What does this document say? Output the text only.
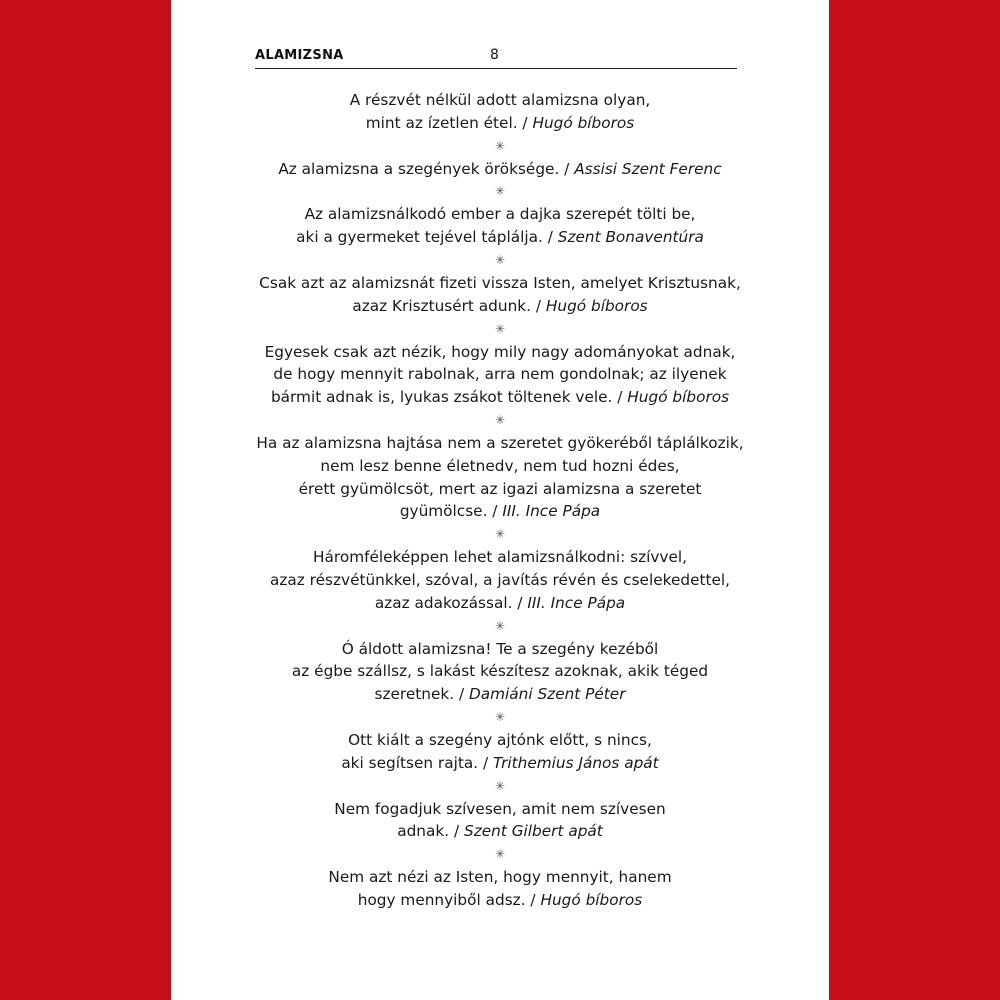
ALAMIZSNA	8

A részvét nélkül adott alamizsna olyan,
mint az ízetlen étel. / Hugó bíboros

✳

Az alamizsna a szegények öröksége. / Assisi Szent Ferenc

✳

Az alamizsnálkodó ember a dajka szerepét tölti be,
aki a gyermeket tejével táplálja. / Szent Bonaventúra

✳

Csak azt az alamizsnát fizeti vissza Isten, amelyet Krisztusnak,
azaz Krisztusért adunk. / Hugó bíboros

✳

Egyesek csak azt nézik, hogy mily nagy adományokat adnak,
de hogy mennyit rabolnak, arra nem gondolnak; az ilyenek
bármit adnak is, lyukas zsákot töltenek vele. / Hugó bíboros

✳

Ha az alamizsna hajtása nem a szeretet gyökeréből táplálkozik,
nem lesz benne életnedv, nem tud hozni édes,
érett gyümölcsöt, mert az igazi alamizsna a szeretet
gyümölcse. / III. Ince Pápa

✳

Háromféleképpen lehet alamizsnálkodni: szívvel,
azaz részvétünkkel, szóval, a javítás révén és cselekedettel,
azaz adakozással. / III. Ince Pápa

✳

Ó áldott alamizsna! Te a szegény kezéből
az égbe szállsz, s lakást készítesz azoknak, akik téged
szeretnek. / Damiáni Szent Péter

✳

Ott kiált a szegény ajtónk előtt, s nincs,
aki segítsen rajta. / Trithemius János apát

✳

Nem fogadjuk szívesen, amit nem szívesen
adnak. / Szent Gilbert apát

✳

Nem azt nézi az Isten, hogy mennyit, hanem
hogy mennyiből adsz. / Hugó bíboros
